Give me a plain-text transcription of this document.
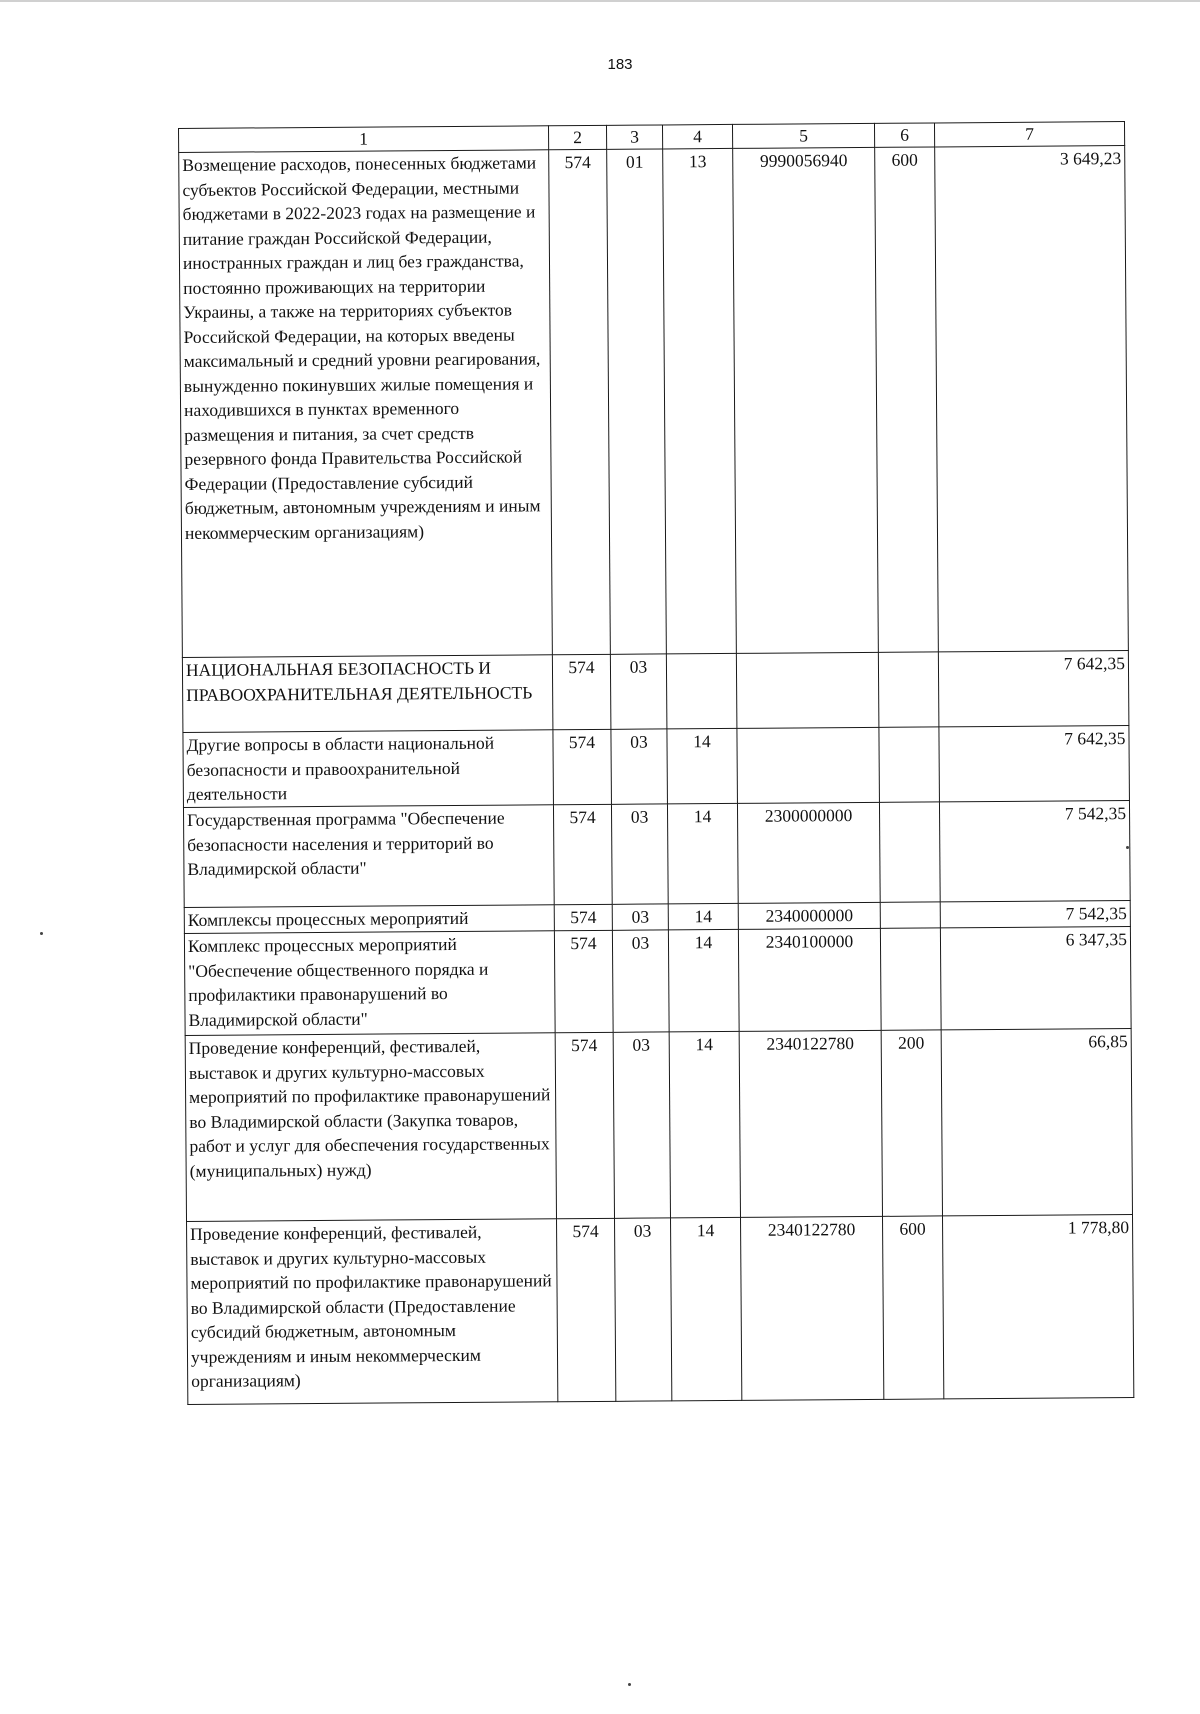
183
1	2	3	4	5	6	7
Возмещение расходов, понесенных бюджетами субъектов Российской Федерации, местными бюджетами в 2022-2023 годах на размещение и питание граждан Российской Федерации, иностранных граждан и лиц без гражданства, постоянно проживающих на территории Украины, а также на территориях субъектов Российской Федерации, на которых введены максимальный и средний уровни реагирования, вынужденно покинувших жилые помещения и находившихся в пунктах временного размещения и питания, за счет средств резервного фонда Правительства Российской Федерации (Предоставление субсидий бюджетным, автономным учреждениям и иным некоммерческим организациям)	574	01	13	9990056940	600	3 649,23
НАЦИОНАЛЬНАЯ БЕЗОПАСНОСТЬ И ПРАВООХРАНИТЕЛЬНАЯ ДЕЯТЕЛЬНОСТЬ	574	03				7 642,35
Другие вопросы в области национальной безопасности и правоохранительной деятельности	574	03	14			7 642,35
Государственная программа "Обеспечение безопасности населения и территорий во Владимирской области"	574	03	14	2300000000		7 542,35
Комплексы процессных мероприятий	574	03	14	2340000000		7 542,35
Комплекс процессных мероприятий "Обеспечение общественного порядка и профилактики правонарушений во Владимирской области"	574	03	14	2340100000		6 347,35
Проведение конференций, фестивалей, выставок и других культурно-массовых мероприятий по профилактике правонарушений во Владимирской области (Закупка товаров, работ и услуг для обеспечения государственных (муниципальных) нужд)	574	03	14	2340122780	200	66,85
Проведение конференций, фестивалей, выставок и других культурно-массовых мероприятий по профилактике правонарушений во Владимирской области (Предоставление субсидий бюджетным, автономным учреждениям и иным некоммерческим организациям)	574	03	14	2340122780	600	1 778,80
